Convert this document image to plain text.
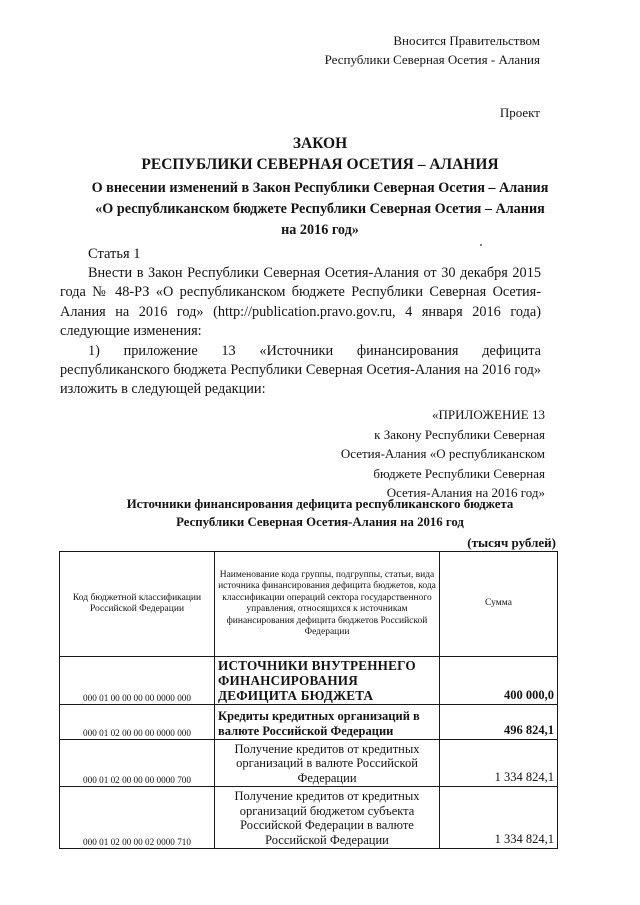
Вносится Правительством
Республики Северная Осетия - Алания
Проект
ЗАКОН
РЕСПУБЛИКИ СЕВЕРНАЯ ОСЕТИЯ – АЛАНИЯ
О внесении изменений в Закон Республики Северная Осетия – Алания
«О республиканском бюджете Республики Северная Осетия – Алания
на 2016 год»
Статья 1

Внести в Закон Республики Северная Осетия-Алания от 30 декабря 2015 года № 48-РЗ «О республиканском бюджете Республики Северная Осетия-Алания на 2016 год» (http://publication.pravo.gov.ru, 4 января 2016 года) следующие изменения:

1) приложение 13 «Источники финансирования дефицита республиканского бюджета Республики Северная Осетия-Алания на 2016 год» изложить в следующей редакции:

«ПРИЛОЖЕНИЕ 13
к Закону Республики Северная
Осетия-Алания «О республиканском
бюджете Республики Северная
Осетия-Алания на 2016 год»
Источники финансирования дефицита республиканского бюджета
Республики Северная Осетия-Алания на 2016 год
(тысяч рублей)
Код бюджетной классификации Российской Федерации	Наименование кода группы, подгруппы, статьи, вида источника финансирования дефицита бюджетов, кода классификации операций сектора государственного управления, относящихся к источникам финансирования дефицита бюджетов Российской Федерации	Сумма
000 01 00 00 00 00 0000 000	ИСТОЧНИКИ ВНУТРЕННЕГО ФИНАНСИРОВАНИЯ ДЕФИЦИТА БЮДЖЕТА	400 000,0
000 01 02 00 00 00 0000 000	Кредиты кредитных организаций в валюте Российской Федерации	496 824,1
000 01 02 00 00 00 0000 700	Получение кредитов от кредитных организаций в валюте Российской Федерации	1 334 824,1
000 01 02 00 00 02 0000 710	Получение кредитов от кредитных организаций бюджетом субъекта Российской Федерации в валюте Российской Федерации	1 334 824,1
